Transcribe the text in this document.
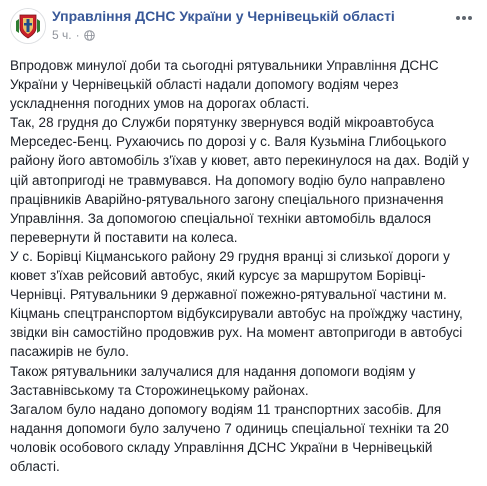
Управління ДСНС України у Чернівецькій області
5 ч. ·

Впродовж минулої доби та сьогодні рятувальники Управління ДСНС України у Чернівецькій області надали допомогу водіям через ускладнення погодних умов на дорогах області.

Так, 28 грудня до Служби порятунку звернувся водій мікроавтобуса Мерседес-Бенц. Рухаючись по дорозі у с. Валя Кузьміна Глибоцького району його автомобіль з'їхав у кювет, авто перекинулося на дах. Водій у цій автопригоді не травмувався. На допомогу водію було направлено працівників Аварійно-рятувального загону спеціального призначення Управління. За допомогою спеціальної техніки автомобіль вдалося перевернути й поставити на колеса.

У с. Борівці Кіцманського району 29 грудня вранці зі слизької дороги у кювет з'їхав рейсовий автобус, який курсує за маршрутом Борівці-Чернівці. Рятувальники 9 державної пожежно-рятувальної частини м. Кіцмань спецтранспортом відбуксирували автобус на проїжджу частину, звідки він самостійно продовжив рух. На момент автопригоди в автобусі пасажирів не було.

Також рятувальники залучалися для надання допомоги водіям у Заставнівському та Сторожинецькому районах.

Загалом було надано допомогу водіям 11 транспортних засобів. Для надання допомоги було залучено 7 одиниць спеціальної техніки та 20 чоловік особового складу Управління ДСНС України в Чернівецькій області.
